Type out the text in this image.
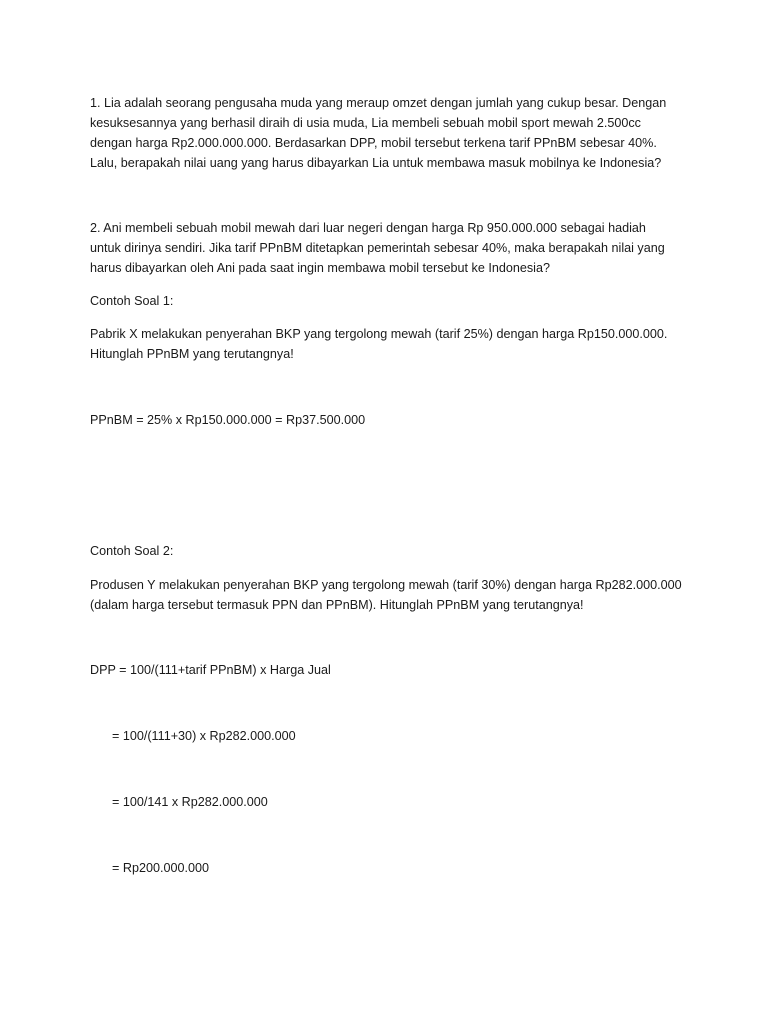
1. Lia adalah seorang pengusaha muda yang meraup omzet dengan jumlah yang cukup besar. Dengan
kesuksesannya yang berhasil diraih di usia muda, Lia membeli sebuah mobil sport mewah 2.500cc
dengan harga Rp2.000.000.000. Berdasarkan DPP, mobil tersebut terkena tarif PPnBM sebesar 40%.
Lalu, berapakah nilai uang yang harus dibayarkan Lia untuk membawa masuk mobilnya ke Indonesia?
2. Ani membeli sebuah mobil mewah dari luar negeri dengan harga Rp 950.000.000 sebagai hadiah
untuk dirinya sendiri. Jika tarif PPnBM ditetapkan pemerintah sebesar 40%, maka berapakah nilai yang
harus dibayarkan oleh Ani pada saat ingin membawa mobil tersebut ke Indonesia?
Contoh Soal 1:
Pabrik X melakukan penyerahan BKP yang tergolong mewah (tarif 25%) dengan harga Rp150.000.000.
Hitunglah PPnBM yang terutangnya!
PPnBM = 25% x Rp150.000.000 = Rp37.500.000
Contoh Soal 2:
Produsen Y melakukan penyerahan BKP yang tergolong mewah (tarif 30%) dengan harga Rp282.000.000
(dalam harga tersebut termasuk PPN dan PPnBM). Hitunglah PPnBM yang terutangnya!
DPP = 100/(111+tarif PPnBM) x Harga Jual
= 100/(111+30) x Rp282.000.000
= 100/141 x Rp282.000.000
= Rp200.000.000
